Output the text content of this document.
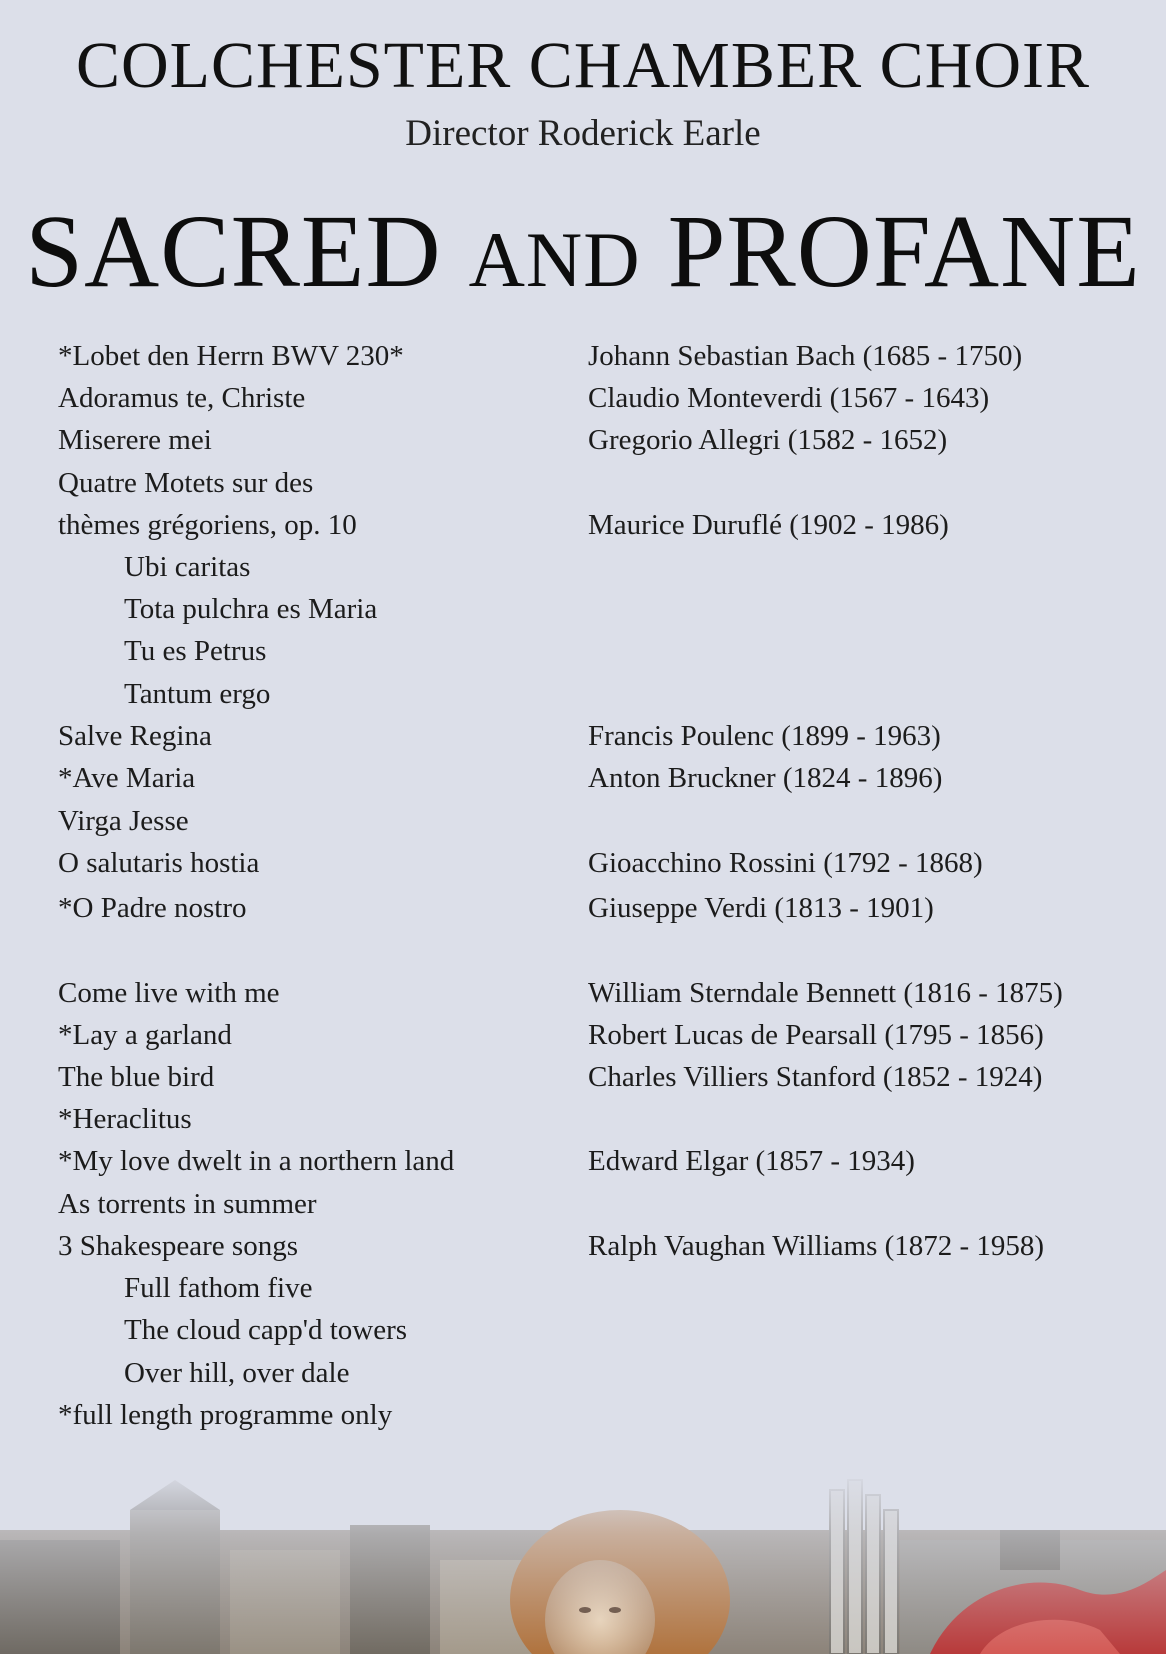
COLCHESTER CHAMBER CHOIR
Director Roderick Earle
SACRED AND PROFANE
*Lobet den Herrn BWV 230*	Johann Sebastian Bach (1685 - 1750)
Adoramus te, Christe	Claudio Monteverdi (1567 - 1643)
Miserere mei	Gregorio Allegri (1582 - 1652)
Quatre Motets sur des
thèmes grégoriens, op. 10	Maurice Duruflé (1902 - 1986)
Ubi caritas
Tota pulchra es Maria
Tu es Petrus
Tantum ergo
Salve Regina	Francis Poulenc (1899 - 1963)
*Ave Maria	Anton Bruckner (1824 - 1896)
Virga Jesse
O salutaris hostia	Gioacchino Rossini (1792 - 1868)
*O Padre nostro	Giuseppe Verdi (1813 - 1901)
Come live with me	William Sterndale Bennett (1816 - 1875)
*Lay a garland	Robert Lucas de Pearsall (1795 - 1856)
The blue bird	Charles Villiers Stanford (1852 - 1924)
*Heraclitus
*My love dwelt in a northern land	Edward Elgar (1857 - 1934)
As torrents in summer
3 Shakespeare songs	Ralph Vaughan Williams (1872 - 1958)
Full fathom five
The cloud capp'd towers
Over hill, over dale
*full length programme only
